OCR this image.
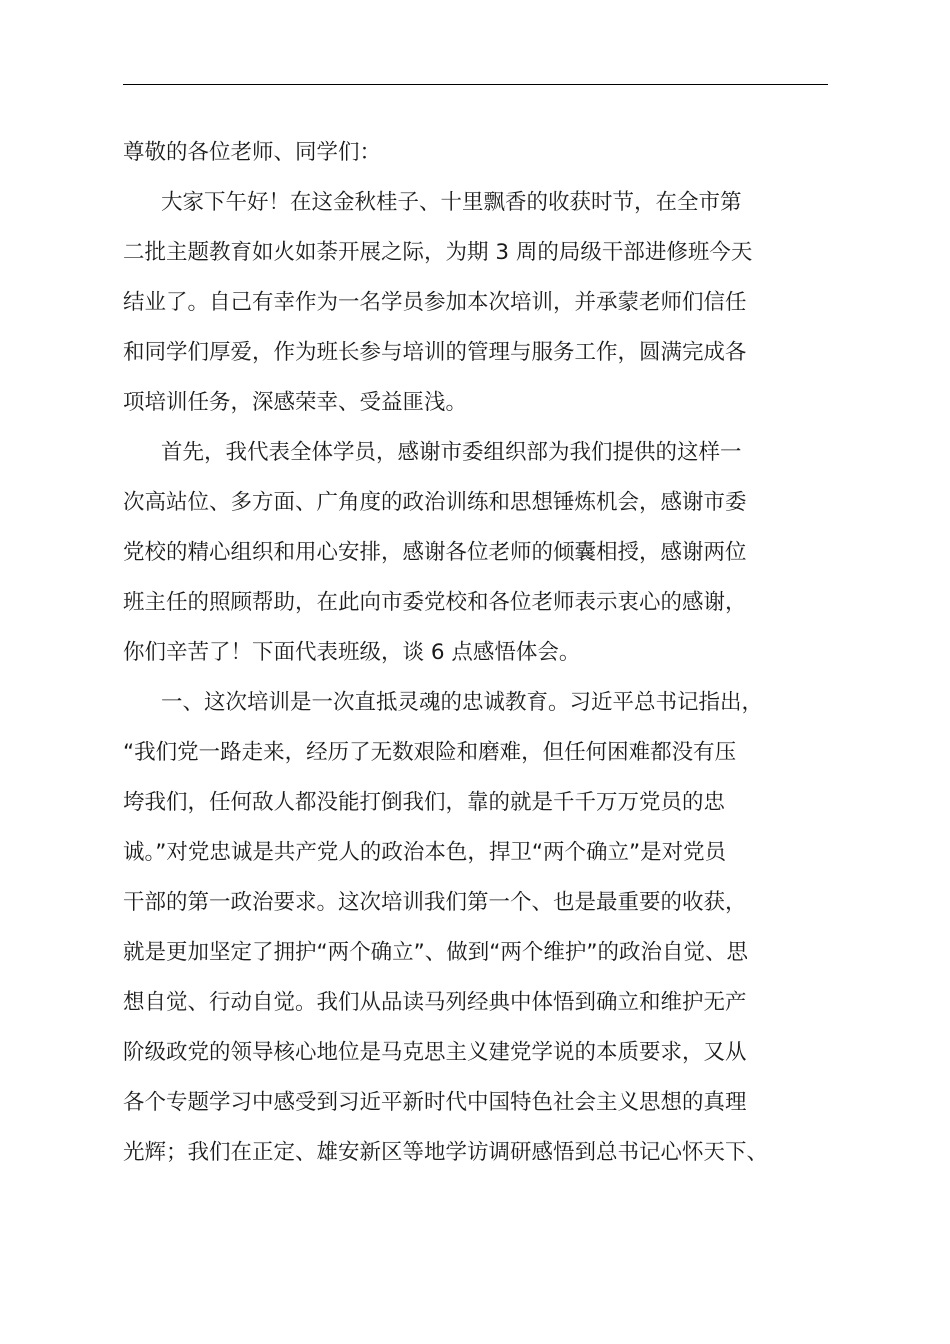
尊敬的各位老师、同学们：
大家下午好！在这金秋桂子、十里飘香的收获时节，在全市第
二批主题教育如火如荼开展之际，为期 3 周的局级干部进修班今天
结业了。自己有幸作为一名学员参加本次培训，并承蒙老师们信任
和同学们厚爱，作为班长参与培训的管理与服务工作，圆满完成各
项培训任务，深感荣幸、受益匪浅。
首先，我代表全体学员，感谢市委组织部为我们提供的这样一
次高站位、多方面、广角度的政治训练和思想锤炼机会，感谢市委
党校的精心组织和用心安排，感谢各位老师的倾囊相授，感谢两位
班主任的照顾帮助，在此向市委党校和各位老师表示衷心的感谢，
你们辛苦了！下面代表班级，谈 6 点感悟体会。
一、这次培训是一次直抵灵魂的忠诚教育。习近平总书记指出，
“我们党一路走来，经历了无数艰险和磨难，但任何困难都没有压
垮我们，任何敌人都没能打倒我们，靠的就是千千万万党员的忠
诚。”对党忠诚是共产党人的政治本色，捍卫“两个确立”是对党员
干部的第一政治要求。这次培训我们第一个、也是最重要的收获，
就是更加坚定了拥护“两个确立”、做到“两个维护”的政治自觉、思
想自觉、行动自觉。我们从品读马列经典中体悟到确立和维护无产
阶级政党的领导核心地位是马克思主义建党学说的本质要求，又从
各个专题学习中感受到习近平新时代中国特色社会主义思想的真理
光辉；我们在正定、雄安新区等地学访调研感悟到总书记心怀天下、
